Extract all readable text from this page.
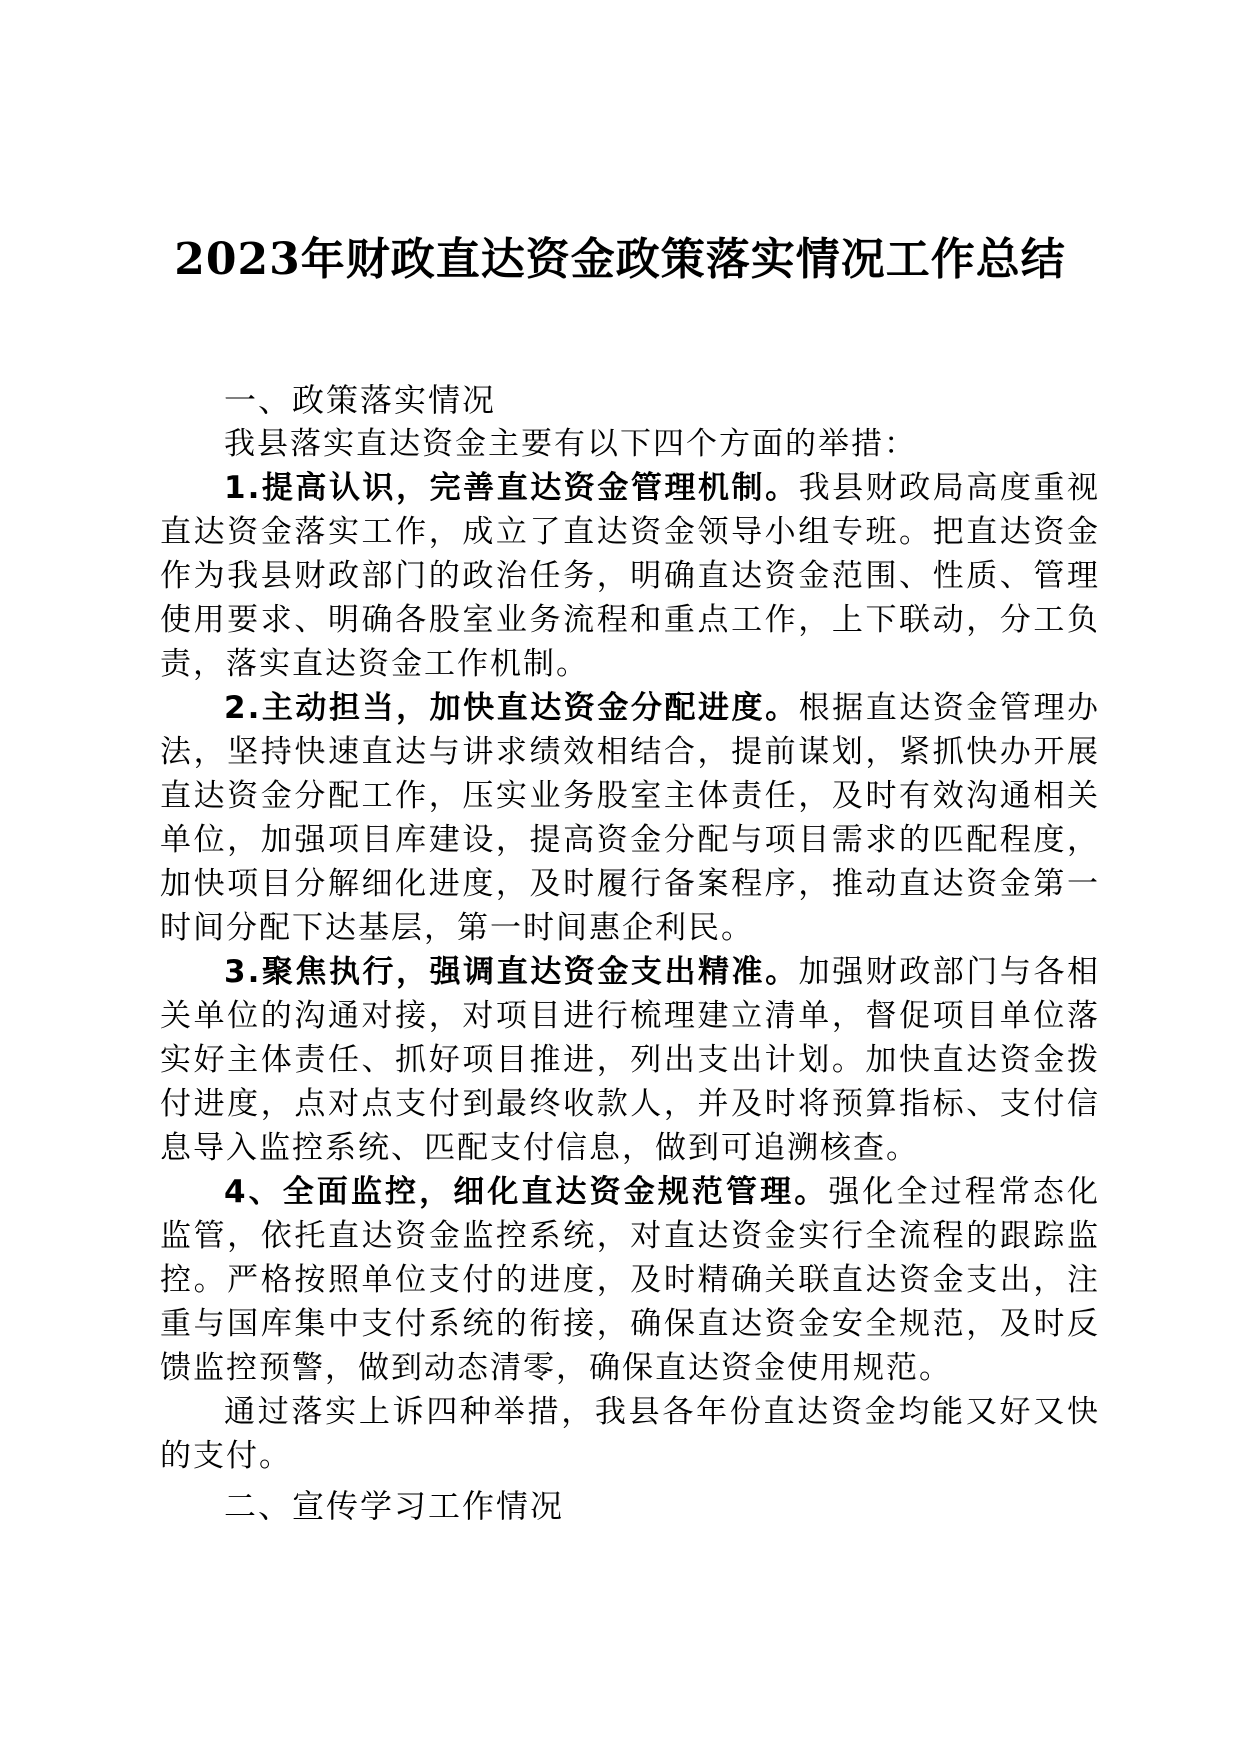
2023年财政直达资金政策落实情况工作总结

一、政策落实情况

我县落实直达资金主要有以下四个方面的举措：

1.提高认识，完善直达资金管理机制。我县财政局高度重视直达资金落实工作，成立了直达资金领导小组专班。把直达资金作为我县财政部门的政治任务，明确直达资金范围、性质、管理使用要求、明确各股室业务流程和重点工作，上下联动，分工负责，落实直达资金工作机制。

2.主动担当，加快直达资金分配进度。根据直达资金管理办法，坚持快速直达与讲求绩效相结合，提前谋划，紧抓快办开展直达资金分配工作，压实业务股室主体责任，及时有效沟通相关单位，加强项目库建设，提高资金分配与项目需求的匹配程度，加快项目分解细化进度，及时履行备案程序，推动直达资金第一时间分配下达基层，第一时间惠企利民。

3.聚焦执行，强调直达资金支出精准。加强财政部门与各相关单位的沟通对接，对项目进行梳理建立清单，督促项目单位落实好主体责任、抓好项目推进，列出支出计划。加快直达资金拨付进度，点对点支付到最终收款人，并及时将预算指标、支付信息导入监控系统、匹配支付信息，做到可追溯核查。

4、全面监控，细化直达资金规范管理。强化全过程常态化监管，依托直达资金监控系统，对直达资金实行全流程的跟踪监控。严格按照单位支付的进度，及时精确关联直达资金支出，注重与国库集中支付系统的衔接，确保直达资金安全规范，及时反馈监控预警，做到动态清零，确保直达资金使用规范。

通过落实上诉四种举措，我县各年份直达资金均能又好又快的支付。

二、宣传学习工作情况
